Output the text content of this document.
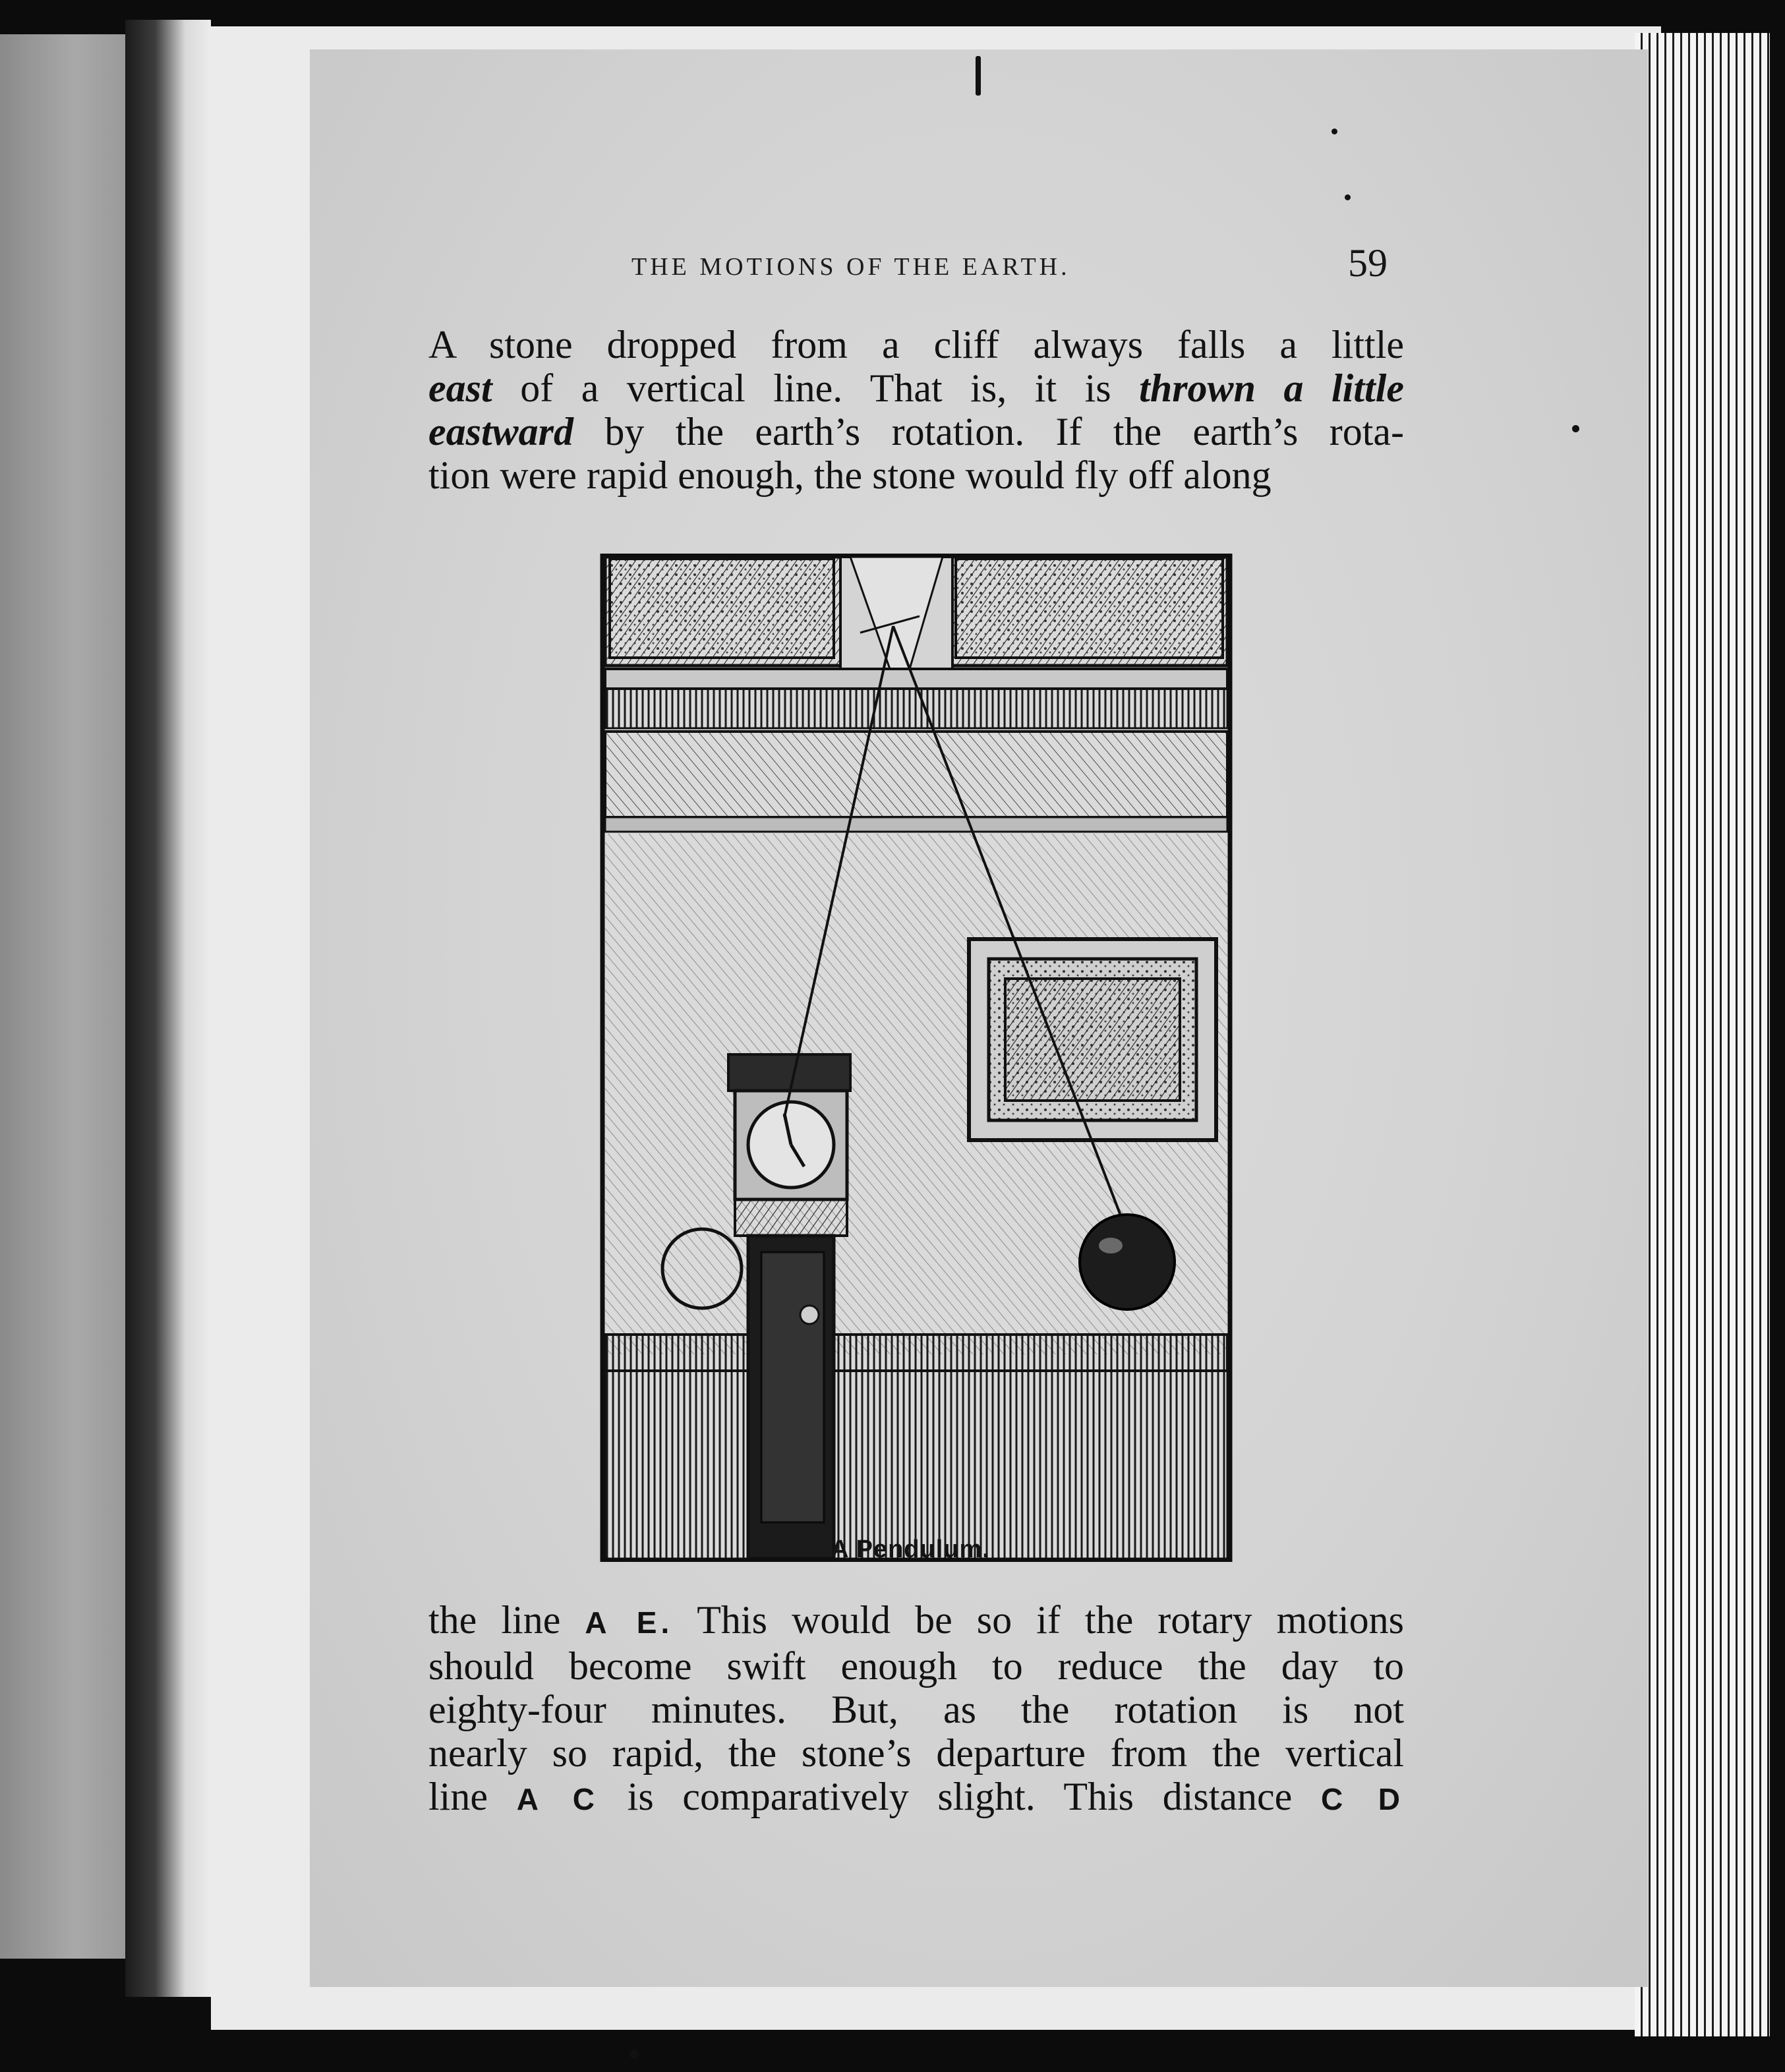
THE MOTIONS OF THE EARTH.	59
A stone dropped from a cliff always falls a little
east of a vertical line. That is, it is thrown a little
eastward by the earth’s rotation. If the earth’s rota-
tion were rapid enough, the stone would fly off along
A Pendulum.
the line A E. This would be so if the rotary motions
should become swift enough to reduce the day to
eighty-four minutes. But, as the rotation is not
nearly so rapid, the stone’s departure from the vertical
line A C is comparatively slight. This distance C D
